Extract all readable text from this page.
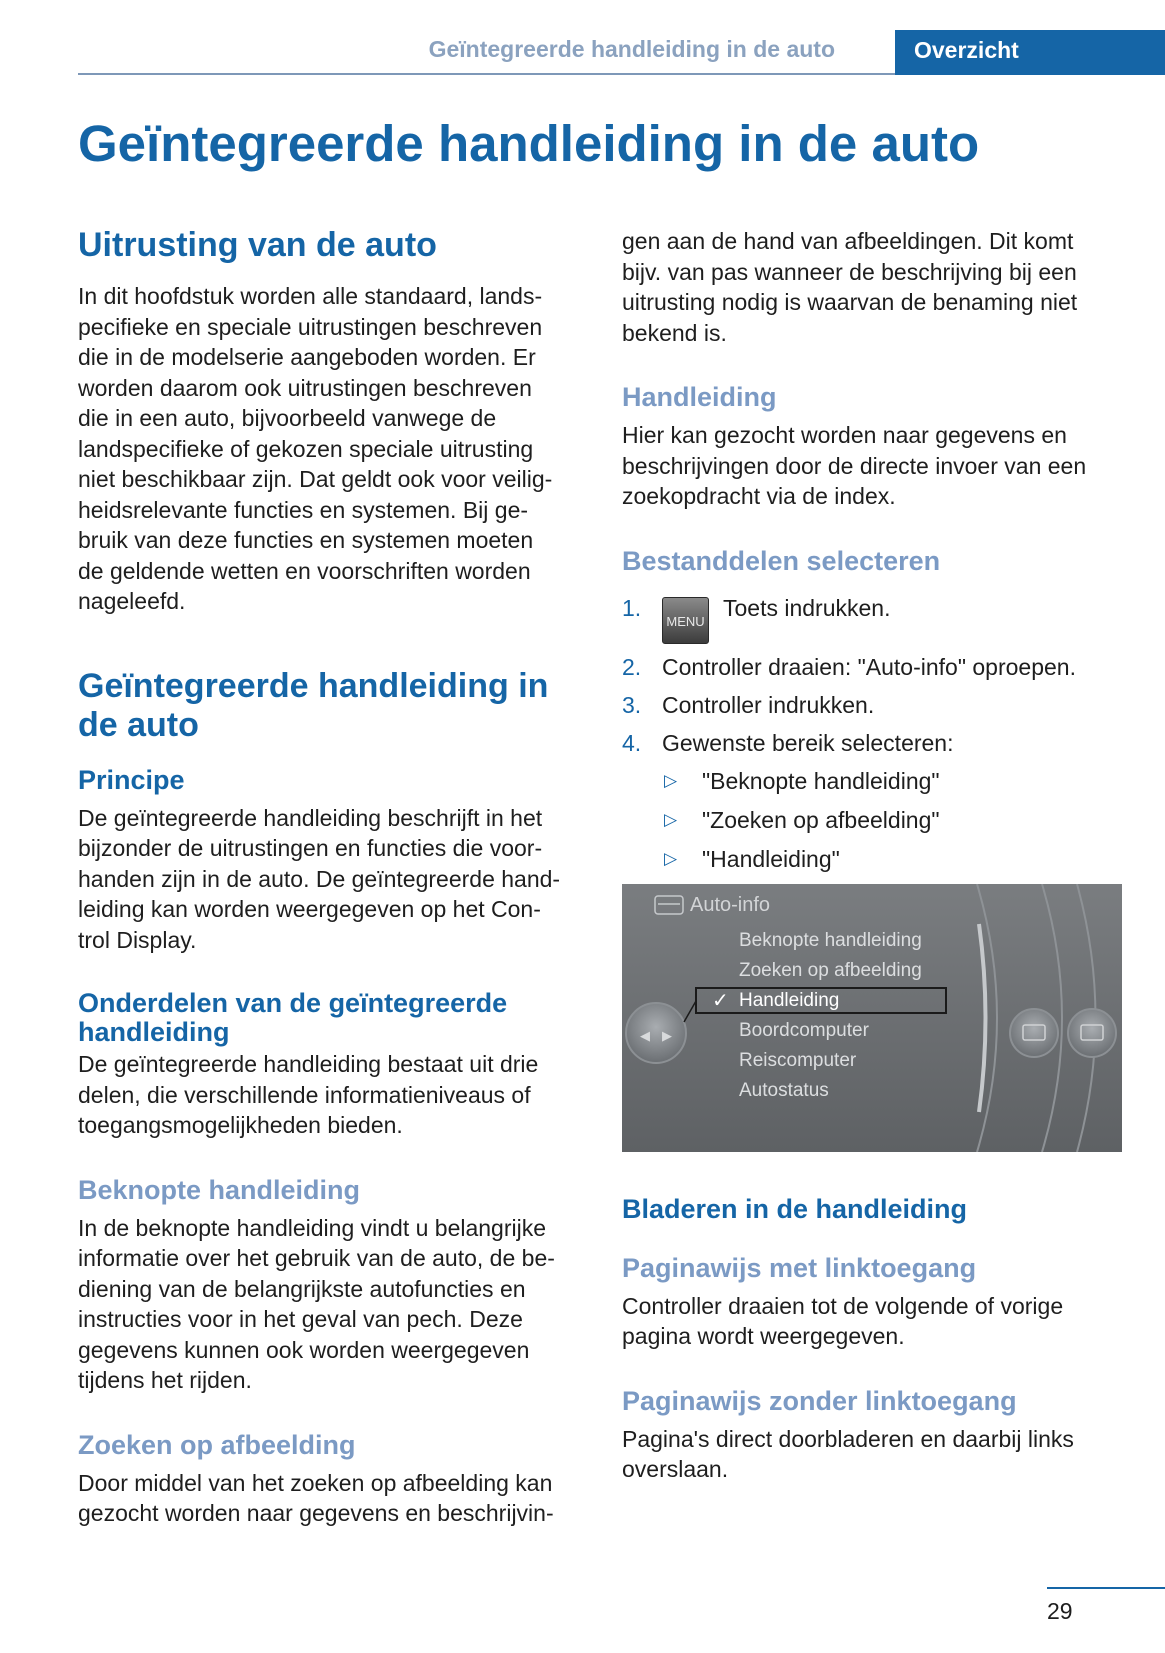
Geïntegreerde handleiding in de auto	Overzicht
Geïntegreerde handleiding in de auto
Uitrusting van de auto

In dit hoofdstuk worden alle standaard, lands-
pecifieke en speciale uitrustingen beschreven
die in de modelserie aangeboden worden. Er
worden daarom ook uitrustingen beschreven
die in een auto, bijvoorbeeld vanwege de
landspecifieke of gekozen speciale uitrusting
niet beschikbaar zijn. Dat geldt ook voor veilig-
heidsrelevante functies en systemen. Bij ge-
bruik van deze functies en systemen moeten
de geldende wetten en voorschriften worden
nageleefd.

Geïntegreerde handleiding in
de auto
Principe

De geïntegreerde handleiding beschrijft in het
bijzonder de uitrustingen en functies die voor-
handen zijn in de auto. De geïntegreerde hand-
leiding kan worden weergegeven op het Con-
trol Display.

Onderdelen van de geïntegreerde
handleiding

De geïntegreerde handleiding bestaat uit drie
delen, die verschillende informatieniveaus of
toegangsmogelijkheden bieden.

Beknopte handleiding

In de beknopte handleiding vindt u belangrijke
informatie over het gebruik van de auto, de be-
diening van de belangrijkste autofuncties en
instructies voor in het geval van pech. Deze
gegevens kunnen ook worden weergegeven
tijdens het rijden.

Zoeken op afbeelding

Door middel van het zoeken op afbeelding kan
gezocht worden naar gegevens en beschrijvin-

gen aan de hand van afbeeldingen. Dit komt
bijv. van pas wanneer de beschrijving bij een
uitrusting nodig is waarvan de benaming niet
bekend is.

Handleiding

Hier kan gezocht worden naar gegevens en
beschrijvingen door de directe invoer van een
zoekopdracht via de index.

Bestanddelen selecteren
1.
MENU Toets indrukken.
2. Controller draaien: "Auto-info" oproepen.
3. Controller indrukken.
4. Gewenste bereik selecteren:
▷ "Beknopte handleiding"
▷ "Zoeken op afbeelding"
▷ "Handleiding"
Auto-info
◀ ▶
✓
Beknopte handleiding
Zoeken op afbeelding
Handleiding
Boordcomputer
Reiscomputer
Autostatus
Bladeren in de handleiding
Paginawijs met linktoegang

Controller draaien tot de volgende of vorige
pagina wordt weergegeven.

Paginawijs zonder linktoegang

Pagina's direct doorbladeren en daarbij links
overslaan.

29
